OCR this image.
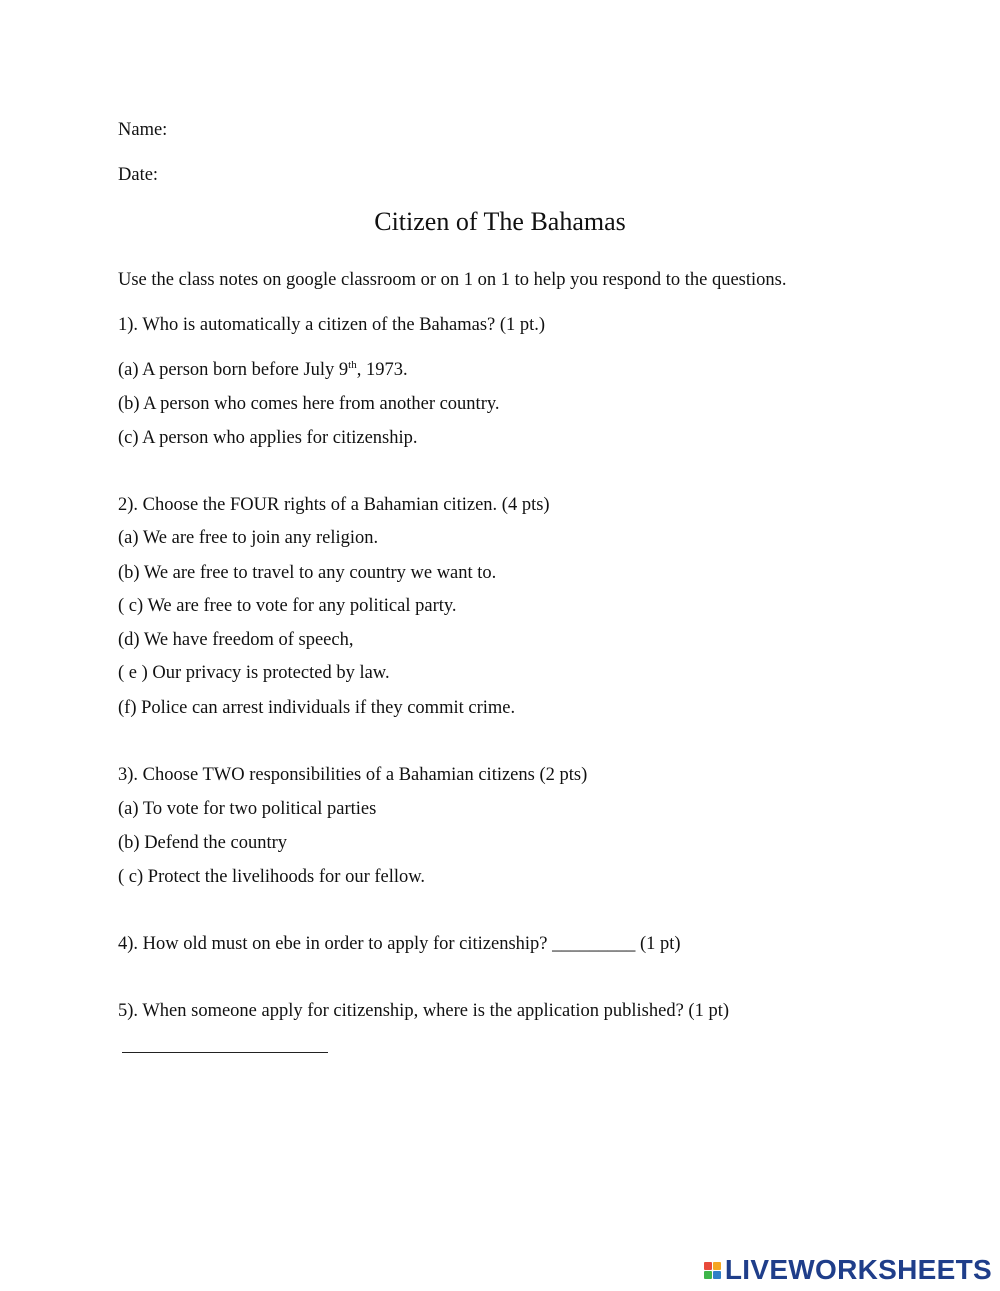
Name:
Date:
Citizen of The Bahamas
Use the class notes on google classroom or on 1 on 1 to help you respond to the questions.
1). Who is automatically a citizen of the Bahamas? (1 pt.)
(a) A person born before July 9th, 1973.
(b) A person who comes here from another country.
(c) A person who applies for citizenship.
2). Choose the FOUR rights of a Bahamian citizen. (4 pts)
(a) We are free to join any religion.
(b) We are free to travel to any country we want to.
( c) We are free to vote for any political party.
(d) We have freedom of speech,
( e ) Our privacy is protected by law.
(f) Police can arrest individuals if they commit crime.
3). Choose TWO responsibilities of a Bahamian citizens (2 pts)
(a) To vote for two political parties
(b) Defend the country
( c) Protect the livelihoods for our fellow.
4). How old must on ebe in order to apply for citizenship? _________ (1 pt)
5). When someone apply for citizenship, where is the application published? (1 pt)
LIVEWORKSHEETS
